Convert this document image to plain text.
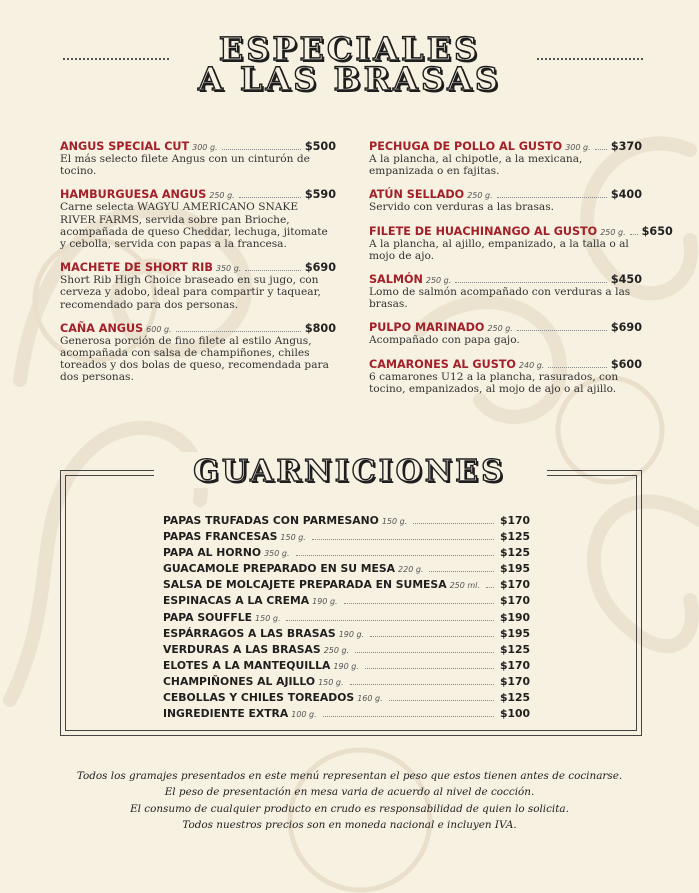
ESPECIALES
A LAS BRASAS
ANGUS SPECIAL CUT 300 g.	$500
El más selecto filete Angus con un cinturón de tocino.
HAMBURGUESA ANGUS 250 g.	$590
Carne selecta WAGYU AMERICANO SNAKE RIVER FARMS, servida sobre pan Brioche, acompañada de queso Cheddar, lechuga, jitomate y cebolla, servida con papas a la francesa.
MACHETE DE SHORT RIB 350 g.	$690
Short Rib High Choice braseado en su jugo, con cerveza y adobo, ideal para compartir y taquear, recomendado para dos personas.
CAÑA ANGUS 600 g.	$800
Generosa porción de fino filete al estilo Angus, acompañada con salsa de champiñones, chiles toreados y dos bolas de queso, recomendada para dos personas.
PECHUGA DE POLLO AL GUSTO 300 g. $370
A la plancha, al chipotle, a la mexicana, empanizada o en fajitas.
ATÚN SELLADO 250 g.	$400
Servido con verduras a las brasas.
FILETE DE HUACHINANGO AL GUSTO 250 g. $650
A la plancha, al ajillo, empanizado, a la talla o al mojo de ajo.
SALMÓN 250 g.	$450
Lomo de salmón acompañado con verduras a las brasas.
PULPO MARINADO 250 g.	$690
Acompañado con papa gajo.
CAMARONES AL GUSTO 240 g.	$600
6 camarones U12 a la plancha, rasurados, con tocino, empanizados, al mojo de ajo o al ajillo.
GUARNICIONES
PAPAS TRUFADAS CON PARMESANO 150 g.	$170
PAPAS FRANCESAS 150 g.	$125
PAPA AL HORNO 350 g.	$125
GUACAMOLE PREPARADO EN SU MESA 220 g.	$195
SALSA DE MOLCAJETE PREPARADA EN SUMESA 250 ml. $170
ESPINACAS A LA CREMA 190 g.	$170
PAPA SOUFFLE 150 g.	$190
ESPÁRRAGOS A LAS BRASAS 190 g.	$195
VERDURAS A LAS BRASAS 250 g.	$125
ELOTES A LA MANTEQUILLA 190 g.	$170
CHAMPIÑONES AL AJILLO 150 g.	$170
CEBOLLAS Y CHILES TOREADOS 160 g.	$125
INGREDIENTE EXTRA 100 g.	$100
Todos los gramajes presentados en este menú representan el peso que estos tienen antes de cocinarse.
El peso de presentación en mesa varia de acuerdo al nivel de cocción.
El consumo de cualquier producto en crudo es responsabilidad de quien lo solicita.
Todos nuestros precios son en moneda nacional e incluyen IVA.
